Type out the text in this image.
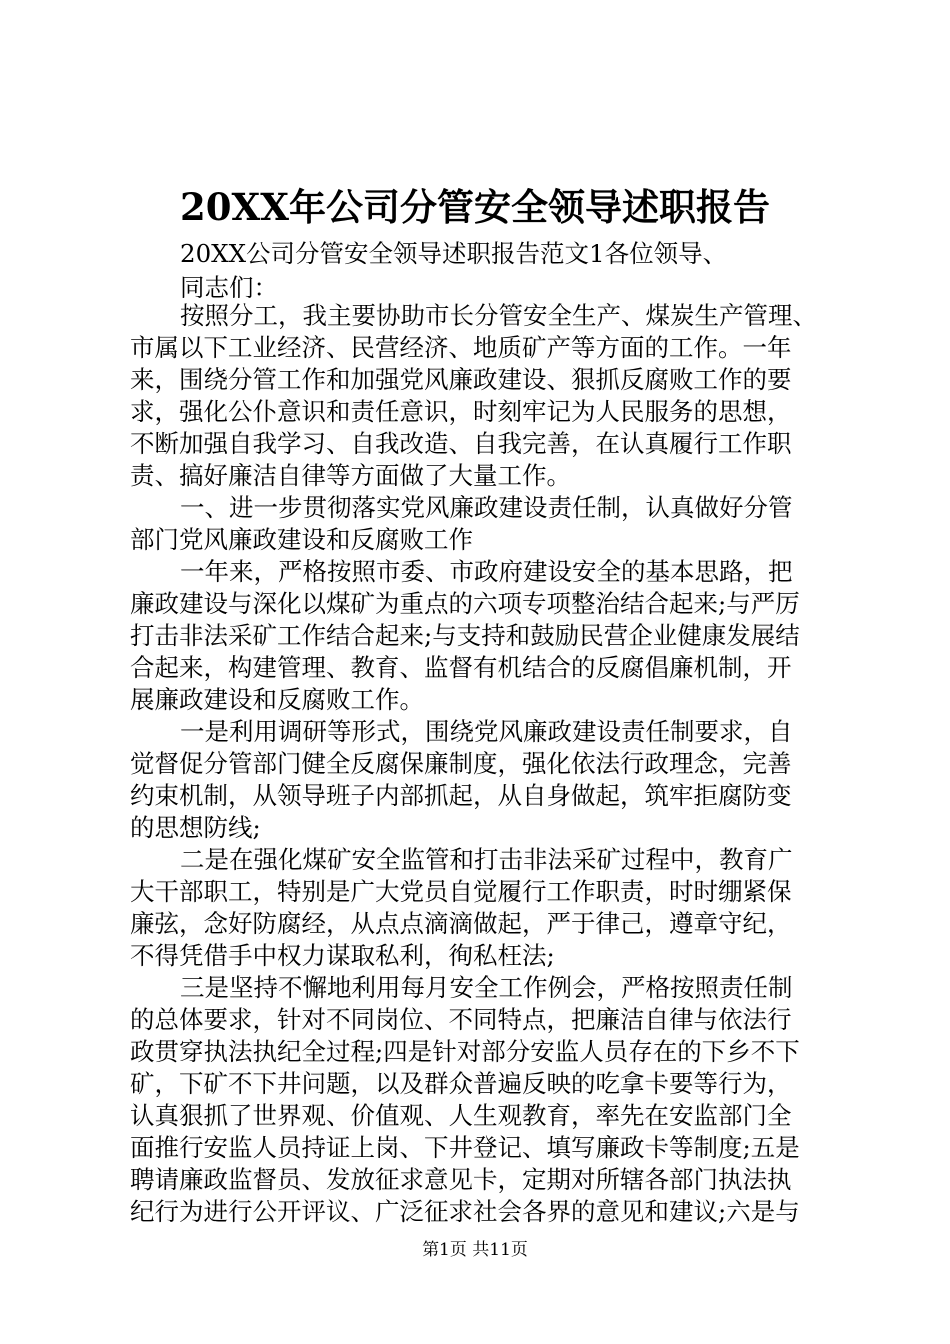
20XX年公司分管安全领导述职报告
20XX公司分管安全领导述职报告范文1各位领导、
同志们：
按照分工，我主要协助市长分管安全生产、煤炭生产管理、
市属以下工业经济、民营经济、地质矿产等方面的工作。一年
来，围绕分管工作和加强党风廉政建设、狠抓反腐败工作的要
求，强化公仆意识和责任意识，时刻牢记为人民服务的思想，
不断加强自我学习、自我改造、自我完善，在认真履行工作职
责、搞好廉洁自律等方面做了大量工作。
一、进一步贯彻落实党风廉政建设责任制，认真做好分管
部门党风廉政建设和反腐败工作
一年来，严格按照市委、市政府建设安全的基本思路，把
廉政建设与深化以煤矿为重点的六项专项整治结合起来;与严厉
打击非法采矿工作结合起来;与支持和鼓励民营企业健康发展结
合起来，构建管理、教育、监督有机结合的反腐倡廉机制，开
展廉政建设和反腐败工作。
一是利用调研等形式，围绕党风廉政建设责任制要求，自
觉督促分管部门健全反腐保廉制度，强化依法行政理念，完善
约束机制，从领导班子内部抓起，从自身做起，筑牢拒腐防变
的思想防线;
二是在强化煤矿安全监管和打击非法采矿过程中，教育广
大干部职工，特别是广大党员自觉履行工作职责，时时绷紧保
廉弦，念好防腐经，从点点滴滴做起，严于律己，遵章守纪，
不得凭借手中权力谋取私利，徇私枉法;
三是坚持不懈地利用每月安全工作例会，严格按照责任制
的总体要求，针对不同岗位、不同特点，把廉洁自律与依法行
政贯穿执法执纪全过程;四是针对部分安监人员存在的下乡不下
矿，下矿不下井问题，以及群众普遍反映的吃拿卡要等行为，
认真狠抓了世界观、价值观、人生观教育，率先在安监部门全
面推行安监人员持证上岗、下井登记、填写廉政卡等制度;五是
聘请廉政监督员、发放征求意见卡，定期对所辖各部门执法执
纪行为进行公开评议、广泛征求社会各界的意见和建议;六是与
第1页 共11页
